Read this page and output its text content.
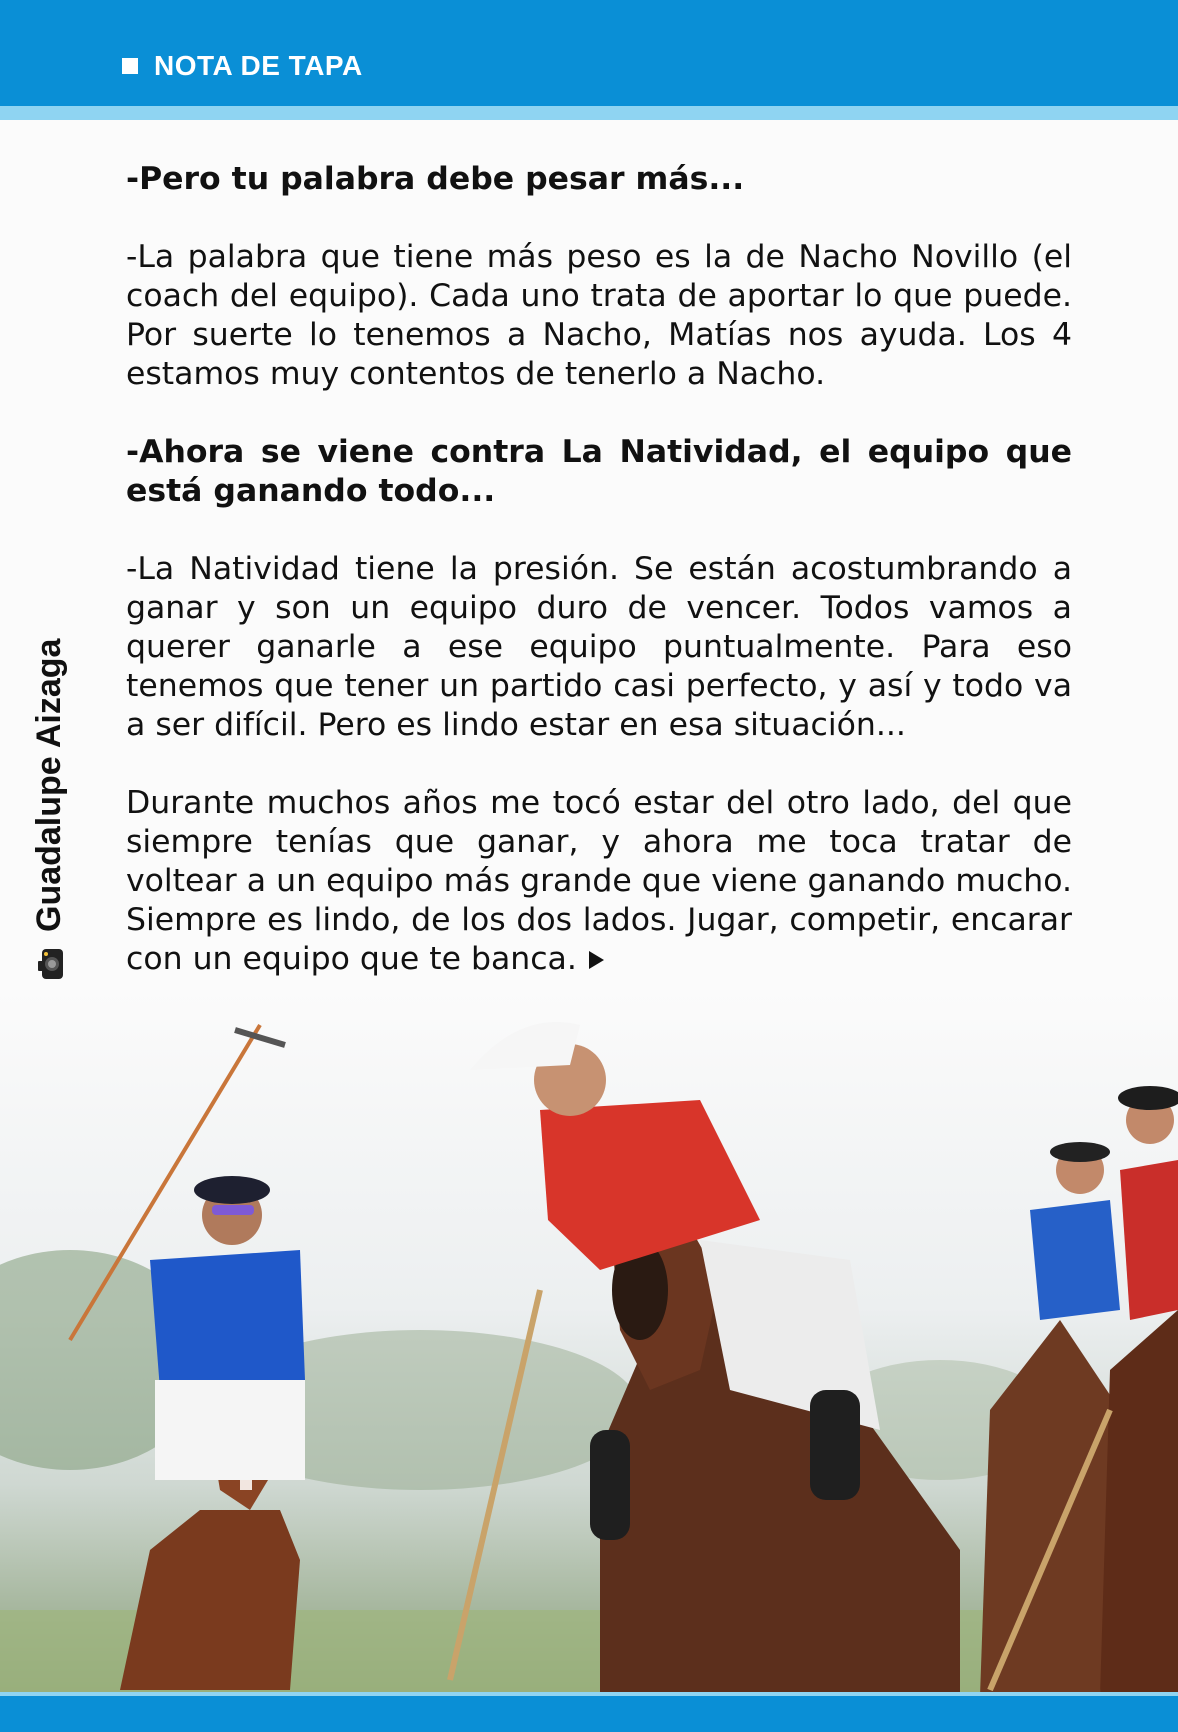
NOTA DE TAPA
Guadalupe Aizaga

-Pero tu palabra debe pesar más...

-La palabra que tiene más peso es la de Nacho Novillo (el coach del equipo). Cada uno trata de aportar lo que puede. Por suerte lo tenemos a Nacho, Matías nos ayuda. Los 4 estamos muy contentos de tenerlo a Nacho.

-Ahora se viene contra La Natividad, el equipo que está ganando todo...

-La Natividad tiene la presión. Se están acostumbrando a ganar y son un equipo duro de vencer. Todos vamos a querer ganarle a ese equipo puntualmente. Para eso tenemos que tener un partido casi perfecto, y así y todo va a ser difícil. Pero es lindo estar en esa situación...

Durante muchos años me tocó estar del otro lado, del que siempre tenías que ganar, y ahora me toca tratar de voltear a un equipo más grande que viene ganando mucho. Siempre es lindo, de los dos lados. Jugar, competir, encarar con un equipo que te banca.
